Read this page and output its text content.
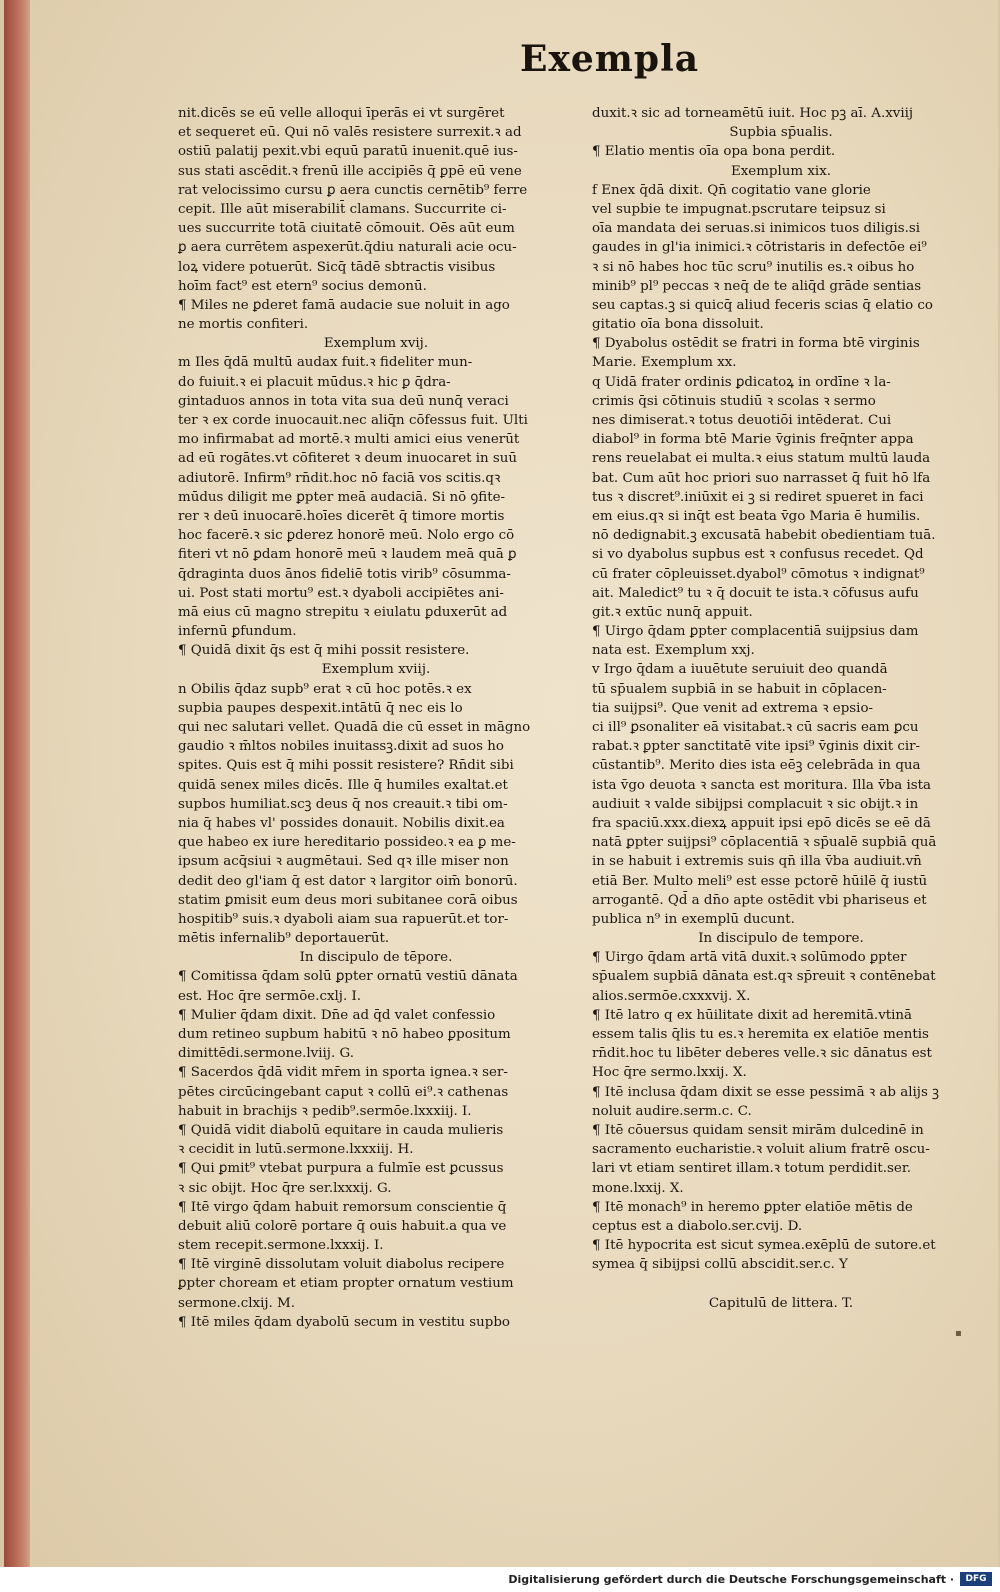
Exempla
nit.dicēs se eū velle alloqui īperās ei vt surgēret
et sequeret eū. Qui nō valēs resistere surrexit.ꝛ ad
ostiū palatij pexit.vbi equū paratū inuenit.quē ius-
sus stati ascēdit.ꝛ frenū ille accipiēs q̄ ꝑpē eū vene
rat velocissimo cursu ꝑ aera cunctis cernētib⁹ ferre
cepit. Ille aūt miserabilit̄ clamans. Succurrite ci-
ues succurrite totā ciuitatē cōmouit. Oēs aūt eum
ꝑ aera currētem aspexerūt.q̄diu naturali acie ocu-
loꝝ videre potuerūt. Sicq̄ tādē sbtractis visibus
hoīm fact⁹ est etern⁹ socius demonū.
¶ Miles ne ꝑderet famā audacie sue noluit in ago
ne mortis confiteri.
Exemplum xvij.
m Iles q̄dā multū audax fuit.ꝛ fideliter mun-
do fuiuit.ꝛ ei placuit mūdus.ꝛ hic ꝑ q̄dra-
gintaduos annos in tota vita sua deū nunq̄ veraci
ter ꝛ ex corde inuocauit.nec aliq̄n cōfessus fuit. Ulti
mo infirmabat ad mortē.ꝛ multi amici eius venerūt
ad eū rogātes.vt cōfiteret ꝛ deum inuocaret in suū
adiutorē. Infirm⁹ rn̄dit.hoc nō faciā vos scitis.qꝛ
mūdus diligit me ꝑpter meā audaciā. Si nō ꝯfite-
rer ꝛ deū inuocarē.hoīes dicerēt q̄ timore mortis
hoc facerē.ꝛ sic ꝑderez honorē meū. Nolo ergo cō
fiteri vt nō ꝑdam honorē meū ꝛ laudem meā quā ꝑ
q̄draginta duos ānos fideliē totis virib⁹ cōsumma-
ui. Post stati mortu⁹ est.ꝛ dyaboli accipiētes ani-
mā eius cū magno strepitu ꝛ eiulatu ꝑduxerūt ad
infernū ꝑfundum.
¶ Quidā dixit q̄s est q̄ mihi possit resistere.
Exemplum xviij.
n Obilis q̄daz supb⁹ erat ꝛ cū hoc potēs.ꝛ ex
supbia paupes despexit.intātū q̄ nec eis lo
qui nec salutari vellet. Quadā die cū esset in māgno
gaudio ꝛ m̄ltos nobiles inuitassꝫ.dixit ad suos ho
spites. Quis est q̄ mihi possit resistere? Rn̄dit sibi
quidā senex miles dicēs. Ille q̄ humiles exaltat.et
supbos humiliat.scꝫ deus q̄ nos creauit.ꝛ tibi om-
nia q̄ habes vl' possides donauit. Nobilis dixit.ea
que habeo ex iure hereditario possideo.ꝛ ea ꝑ me-
ipsum acq̄siui ꝛ augmētaui. Sed qꝛ ille miser non
dedit deo gl'iam q̄ est dator ꝛ largitor oim̄ bonorū.
statim ꝑmisit eum deus mori subitanee corā oibus
hospitib⁹ suis.ꝛ dyaboli aiam sua rapuerūt.et tor-
mētis infernalib⁹ deportauerūt.
In discipulo de tēpore.
¶ Comitissa q̄dam solū ꝑpter ornatū vestiū dānata
est. Hoc q̄re sermōe.cxlj. I.
¶ Mulier q̄dam dixit. Dn̄e ad q̄d valet confessio
dum retineo supbum habitū ꝛ nō habeo ꝑpositum
dimittēdi.sermone.lviij. G.
¶ Sacerdos q̄dā vidit mr̄em in sporta ignea.ꝛ ser-
pētes circūcingebant caput ꝛ collū ei⁹.ꝛ cathenas
habuit in brachijs ꝛ pedib⁹.sermōe.lxxxiij. I.
¶ Quidā vidit diabolū equitare in cauda mulieris
ꝛ cecidit in lutū.sermone.lxxxiij. H.
¶ Qui ꝑmit⁹ vtebat purpura a fulmīe est ꝑcussus
ꝛ sic obijt. Hoc q̄re ser.lxxxij. G.
¶ Itē virgo q̄dam habuit remorsum conscientie q̄
debuit aliū colorē portare q̄ ouis habuit.a qua ve
stem recepit.sermone.lxxxij. I.
¶ Itē virginē dissolutam voluit diabolus recipere
ꝑpter choream et etiam propter ornatum vestium
sermone.clxij. M.
¶ Itē miles q̄dam dyabolū secum in vestitu supbo
duxit.ꝛ sic ad torneamētū iuit. Hoc pꝫ aī. A.xviij
Supbia sp̄ualis.
¶ Elatio mentis oīa opa bona perdit.
Exemplum xix.
f Enex q̄dā dixit. Qn̄ cogitatio vane glorie
vel supbie te impugnat.pscrutare teipsuz si
oīa mandata dei seruas.si inimicos tuos diligis.si
gaudes in gl'ia inimici.ꝛ cōtristaris in defectōe ei⁹
ꝛ si nō habes hoc tūc scru⁹ inutilis es.ꝛ oibus ho
minib⁹ pl⁹ peccas ꝛ neq̄ de te aliq̄d grāde sentias
seu captas.ꝫ si quicq̄ aliud feceris scias q̄ elatio co
gitatio oīa bona dissoluit.
¶ Dyabolus ostēdit se fratri in forma btē virginis
Marie. Exemplum xx.
q Uidā frater ordinis ꝑdicatoꝝ in ordīne ꝛ la-
crimis q̄si cōtinuis studiū ꝛ scolas ꝛ sermo
nes dimiserat.ꝛ totus deuotiōi intēderat. Cui
diabol⁹ in forma btē Marie v̄ginis freq̄nter appa
rens reuelabat ei multa.ꝛ eius statum multū lauda
bat. Cum aūt hoc priori suo narrasset q̄ fuit hō lfa
tus ꝛ discret⁹.iniūxit ei ꝫ si rediret spueret in faci
em eius.qꝛ si inq̄t est beata v̄go Maria ē humilis.
nō dedignabit.ꝫ excusatā habebit obedientiam tuā.
si vo dyabolus supbus est ꝛ confusus recedet. Qd
cū frater cōpleuisset.dyabol⁹ cōmotus ꝛ indignat⁹
ait. Maledict⁹ tu ꝛ q̄ docuit te ista.ꝛ cōfusus aufu
git.ꝛ extūc nunq̄ appuit.
¶ Uirgo q̄dam ꝑpter complacentiā suijpsius dam
nata est. Exemplum xxj.
v Irgo q̄dam a iuuētute seruiuit deo quandā
tū sp̄ualem supbiā in se habuit in cōplacen-
tia suijpsi⁹. Que venit ad extrema ꝛ epsio-
ci ill⁹ ꝑsonaliter eā visitabat.ꝛ cū sacris eam ꝑcu
rabat.ꝛ ꝑpter sanctitatē vite ipsi⁹ v̄ginis dixit cir-
cūstantib⁹. Merito dies ista eēꝫ celebrāda in qua
ista v̄go deuota ꝛ sancta est moritura. Illa v̄ba ista
audiuit ꝛ valde sibijpsi complacuit ꝛ sic obijt.ꝛ in
fra spaciū.xxx.diexꝝ appuit ipsi epō dicēs se eē dā
natā ꝑpter suijpsi⁹ cōplacentiā ꝛ sp̄ualē supbiā quā
in se habuit i extremis suis qn̄ illa v̄ba audiuit.vn̄
etiā Ber. Multo meli⁹ est esse pctorē hūilē q̄ iustū
arrogantē. Qd̄ a dn̄o apte ostēdit vbi phariseus et
publica n⁹ in exemplū ducunt.
In discipulo de tempore.
¶ Uirgo q̄dam artā vitā duxit.ꝛ solūmodo ꝑpter
sp̄ualem supbiā dānata est.qꝛ sp̄reuit ꝛ contēnebat
alios.sermōe.cxxxvij. X.
¶ Itē latro q ex hūilitate dixit ad heremitā.vtinā
essem talis q̄lis tu es.ꝛ heremita ex elatiōe mentis
rn̄dit.hoc tu libēter deberes velle.ꝛ sic dānatus est
Hoc q̄re sermo.lxxij. X.
¶ Itē inclusa q̄dam dixit se esse pessimā ꝛ ab alijs ꝫ
noluit audire.serm.c. C.
¶ Itē cōuersus quidam sensit mirām dulcedinē in
sacramento eucharistie.ꝛ voluit alium fratrē oscu-
lari vt etiam sentiret illam.ꝛ totum perdidit.ser.
mone.lxxij. X.
¶ Itē monach⁹ in heremo ꝑpter elatiōe mētis de
ceptus est a diabolo.ser.cvij. D.
¶ Itē hypocrita est sicut symea.exēplū de sutore.et
symea q̄ sibijpsi collū abscidit.ser.c. Y
Capitulū de littera. T.
▪
Digitalisierung gefördert durch die Deutsche Forschungsgemeinschaft ·	DFG
